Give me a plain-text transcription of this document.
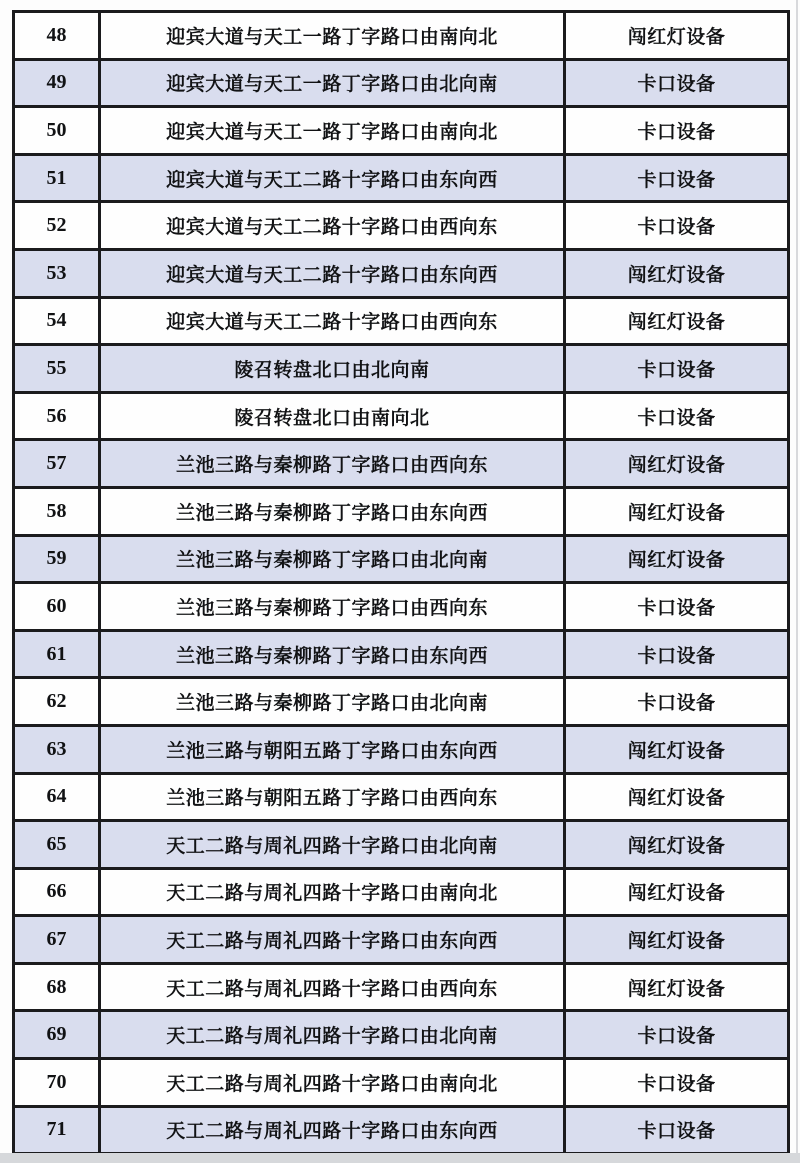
48	迎宾大道与天工一路丁字路口由南向北	闯红灯设备
49	迎宾大道与天工一路丁字路口由北向南	卡口设备
50	迎宾大道与天工一路丁字路口由南向北	卡口设备
51	迎宾大道与天工二路十字路口由东向西	卡口设备
52	迎宾大道与天工二路十字路口由西向东	卡口设备
53	迎宾大道与天工二路十字路口由东向西	闯红灯设备
54	迎宾大道与天工二路十字路口由西向东	闯红灯设备
55	陵召转盘北口由北向南	卡口设备
56	陵召转盘北口由南向北	卡口设备
57	兰池三路与秦柳路丁字路口由西向东	闯红灯设备
58	兰池三路与秦柳路丁字路口由东向西	闯红灯设备
59	兰池三路与秦柳路丁字路口由北向南	闯红灯设备
60	兰池三路与秦柳路丁字路口由西向东	卡口设备
61	兰池三路与秦柳路丁字路口由东向西	卡口设备
62	兰池三路与秦柳路丁字路口由北向南	卡口设备
63	兰池三路与朝阳五路丁字路口由东向西	闯红灯设备
64	兰池三路与朝阳五路丁字路口由西向东	闯红灯设备
65	天工二路与周礼四路十字路口由北向南	闯红灯设备
66	天工二路与周礼四路十字路口由南向北	闯红灯设备
67	天工二路与周礼四路十字路口由东向西	闯红灯设备
68	天工二路与周礼四路十字路口由西向东	闯红灯设备
69	天工二路与周礼四路十字路口由北向南	卡口设备
70	天工二路与周礼四路十字路口由南向北	卡口设备
71	天工二路与周礼四路十字路口由东向西	卡口设备
